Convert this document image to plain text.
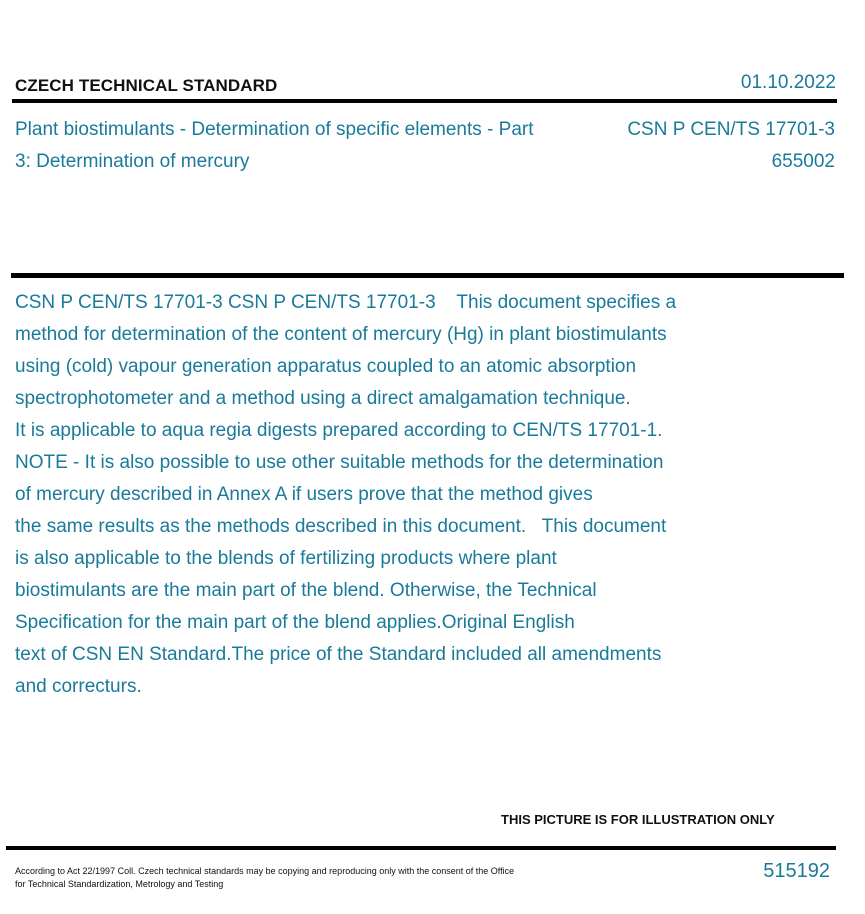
CZECH TECHNICAL STANDARD	01.10.2022
Plant biostimulants - Determination of specific elements - Part 3: Determination of mercury
CSN P CEN/TS 17701-3
655002
CSN P CEN/TS 17701-3 CSN P CEN/TS 17701-3    This document specifies a
method for determination of the content of mercury (Hg) in plant biostimulants
using (cold) vapour generation apparatus coupled to an atomic absorption
spectrophotometer and a method using a direct amalgamation technique.
It is applicable to aqua regia digests prepared according to CEN/TS 17701-1.
NOTE - It is also possible to use other suitable methods for the determination
of mercury described in Annex A if users prove that the method gives
the same results as the methods described in this document.   This document
is also applicable to the blends of fertilizing products where plant
biostimulants are the main part of the blend. Otherwise, the Technical
Specification for the main part of the blend applies.Original English
text of CSN EN Standard.The price of the Standard included all amendments
and correcturs.
THIS PICTURE IS FOR ILLUSTRATION ONLY
According to Act 22/1997 Coll. Czech technical standards may be copying and reproducing only with the consent of the Office
for Technical Standardization, Metrology and Testing
515192
